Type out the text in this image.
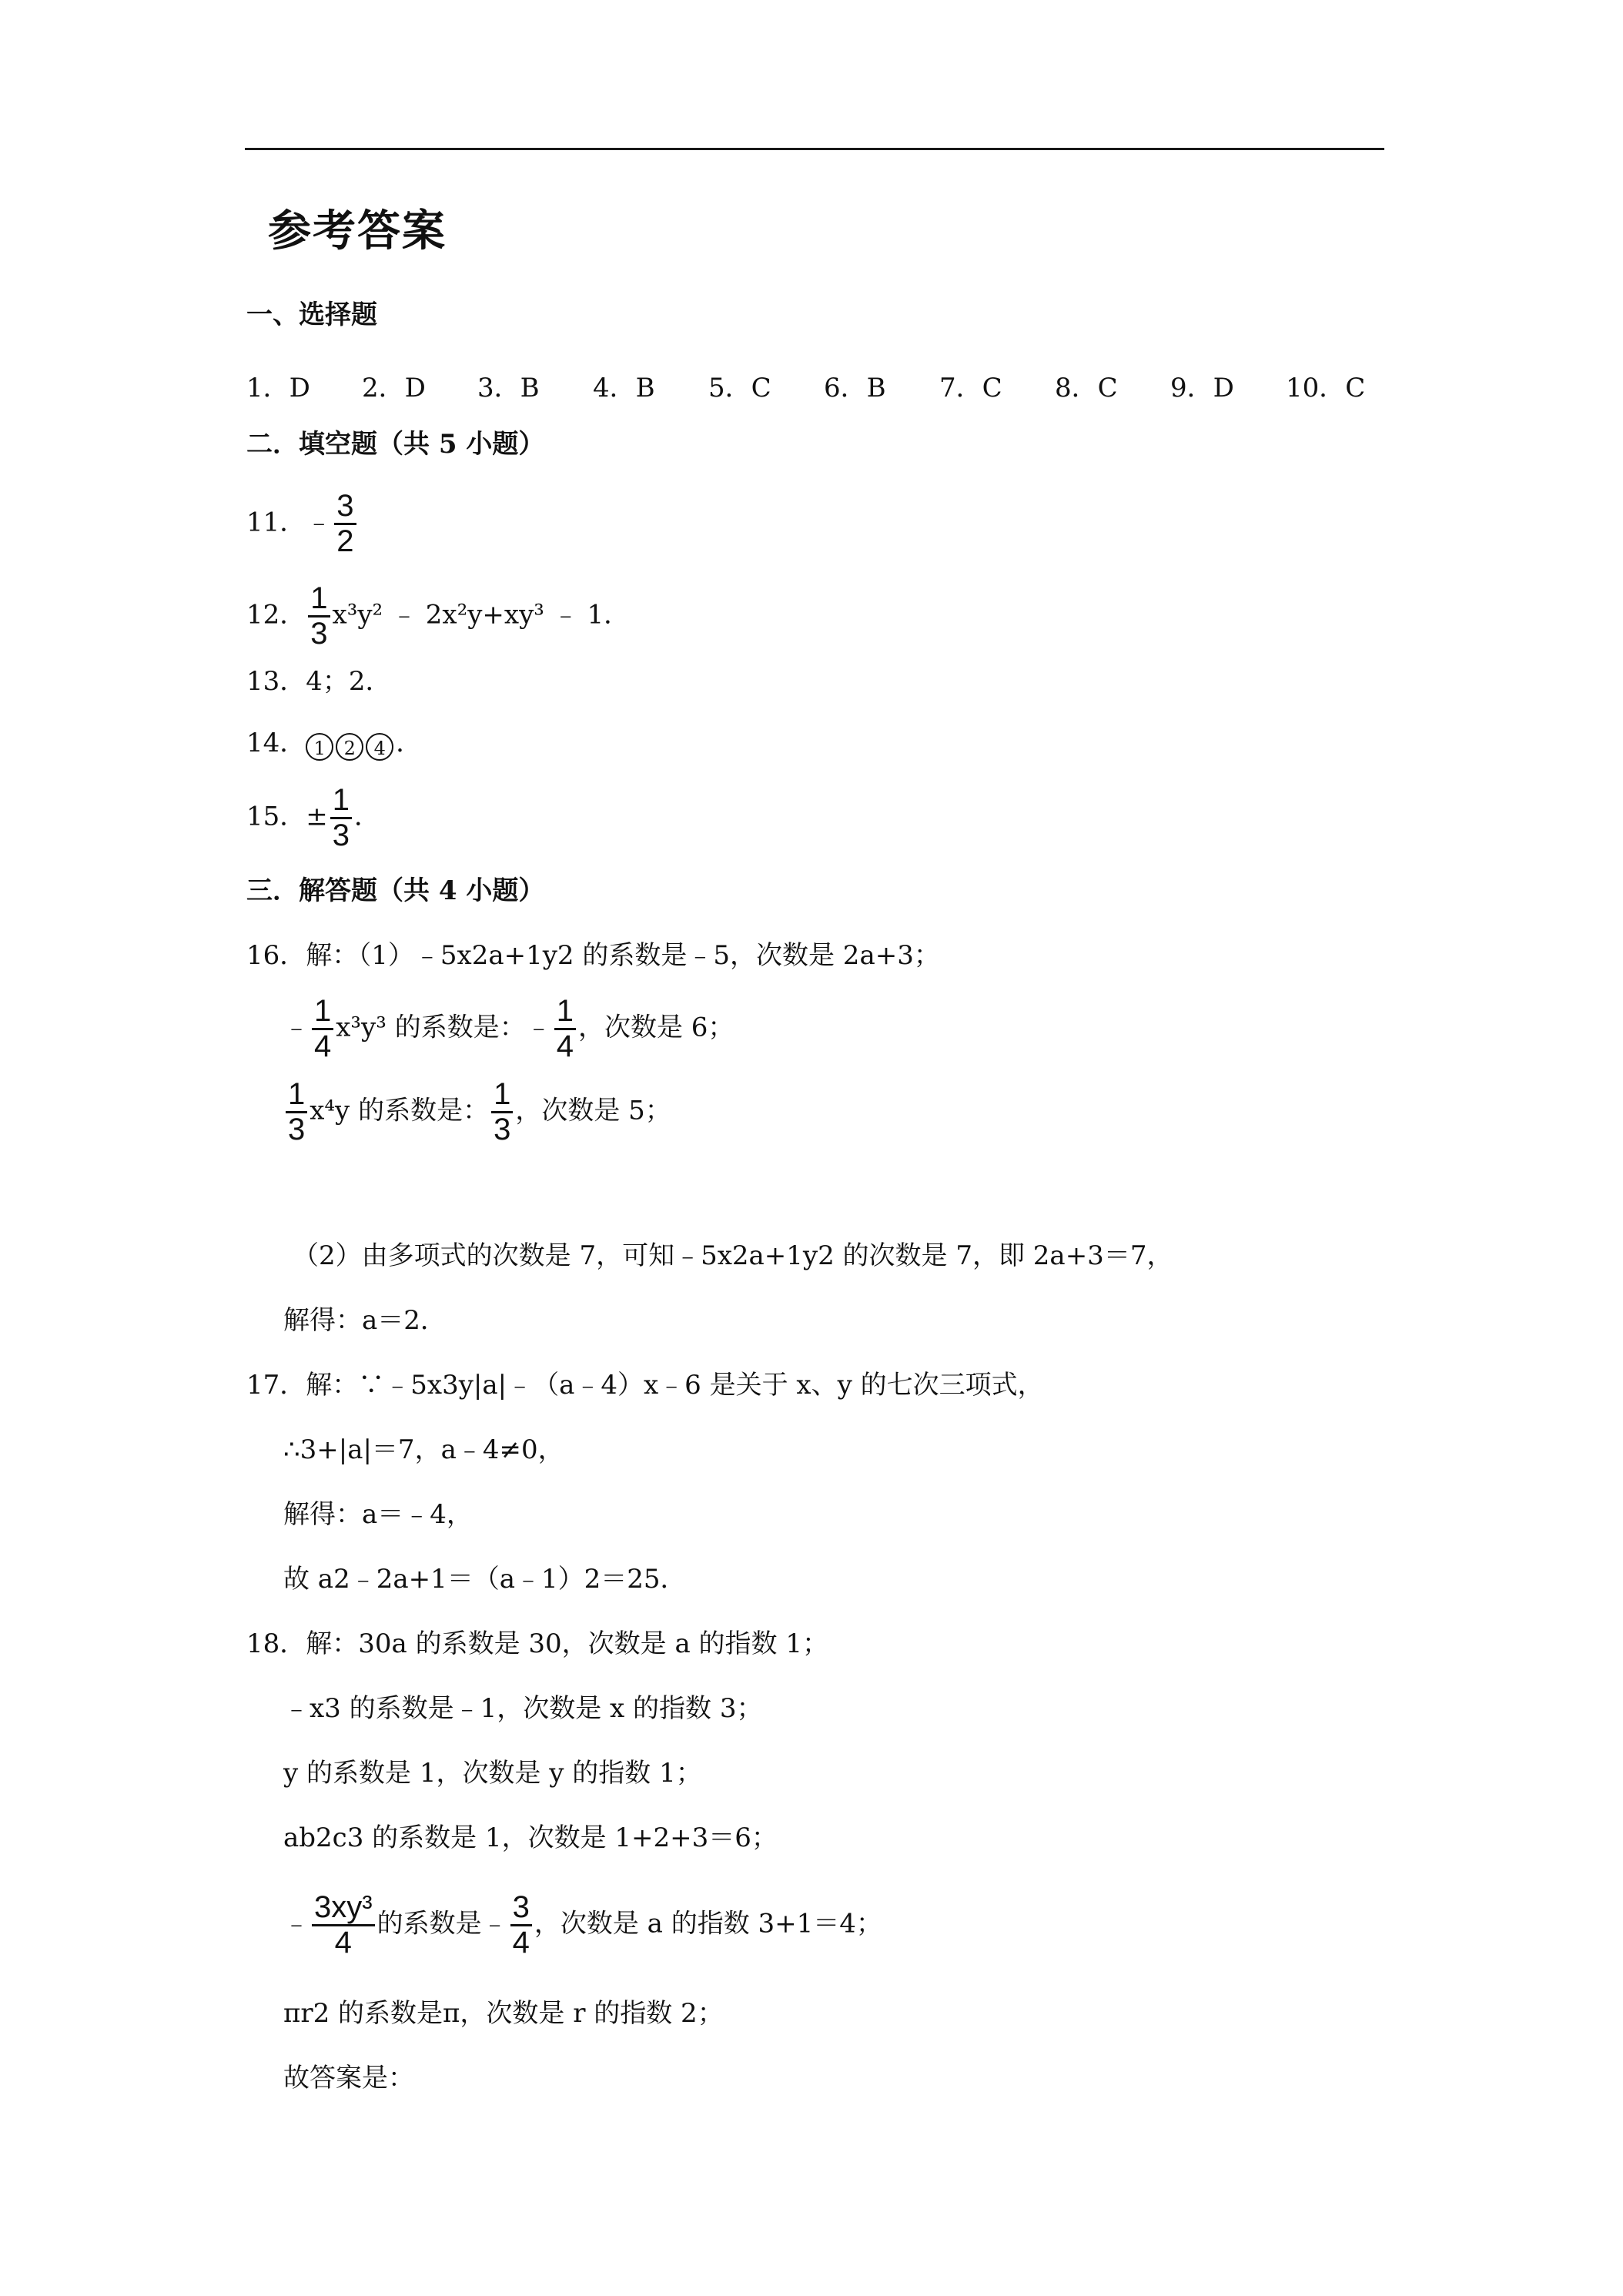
参考答案
一、选择题
1．D 2．D 3．B 4．B 5．C 6．B 7．C 8．C 9．D 10．C
二．填空题（共 5 小题）
11．﹣ $\frac{3}{2}$
12． $\frac{1}{3} x^3y^2$ ﹣ 2x²y+xy³ ﹣ 1．
13．4；2．
14． 1 2 4 ．
15．± $\frac{1}{3}$ ．
三．解答题（共 4 小题）
16．解：（1）﹣5x2a+1y2 的系数是﹣5，次数是 2a+3；
﹣ $\frac{1}{4} x^3y^3$ 的系数是：﹣ $\frac{1}{4}$ ，次数是 6；
$\frac{1}{3} x^4y$ 的系数是： $\frac{1}{3}$ ，次数是 5；
（2）由多项式的次数是 7，可知﹣5x2a+1y2 的次数是 7，即 2a+3＝7，
解得：a＝2．
17．解：∵﹣5x3y|a|﹣（a﹣4）x﹣6 是关于 x、y 的七次三项式，
∴3+|a|＝7，a﹣4≠0，
解得：a＝﹣4，
故 a2﹣2a+1＝（a﹣1）2＝25．
18．解：30a 的系数是 30，次数是 a 的指数 1；
﹣x3 的系数是﹣1，次数是 x 的指数 3；
y 的系数是 1，次数是 y 的指数 1；
ab2c3 的系数是 1，次数是 1+2+3＝6；
﹣ $\frac{\text{3xy³}}{4}$ 的系数是﹣ $\frac{3}{4}$ ，次数是 a 的指数 3+1＝4；
πr2 的系数是π，次数是 r 的指数 2；
故答案是：
